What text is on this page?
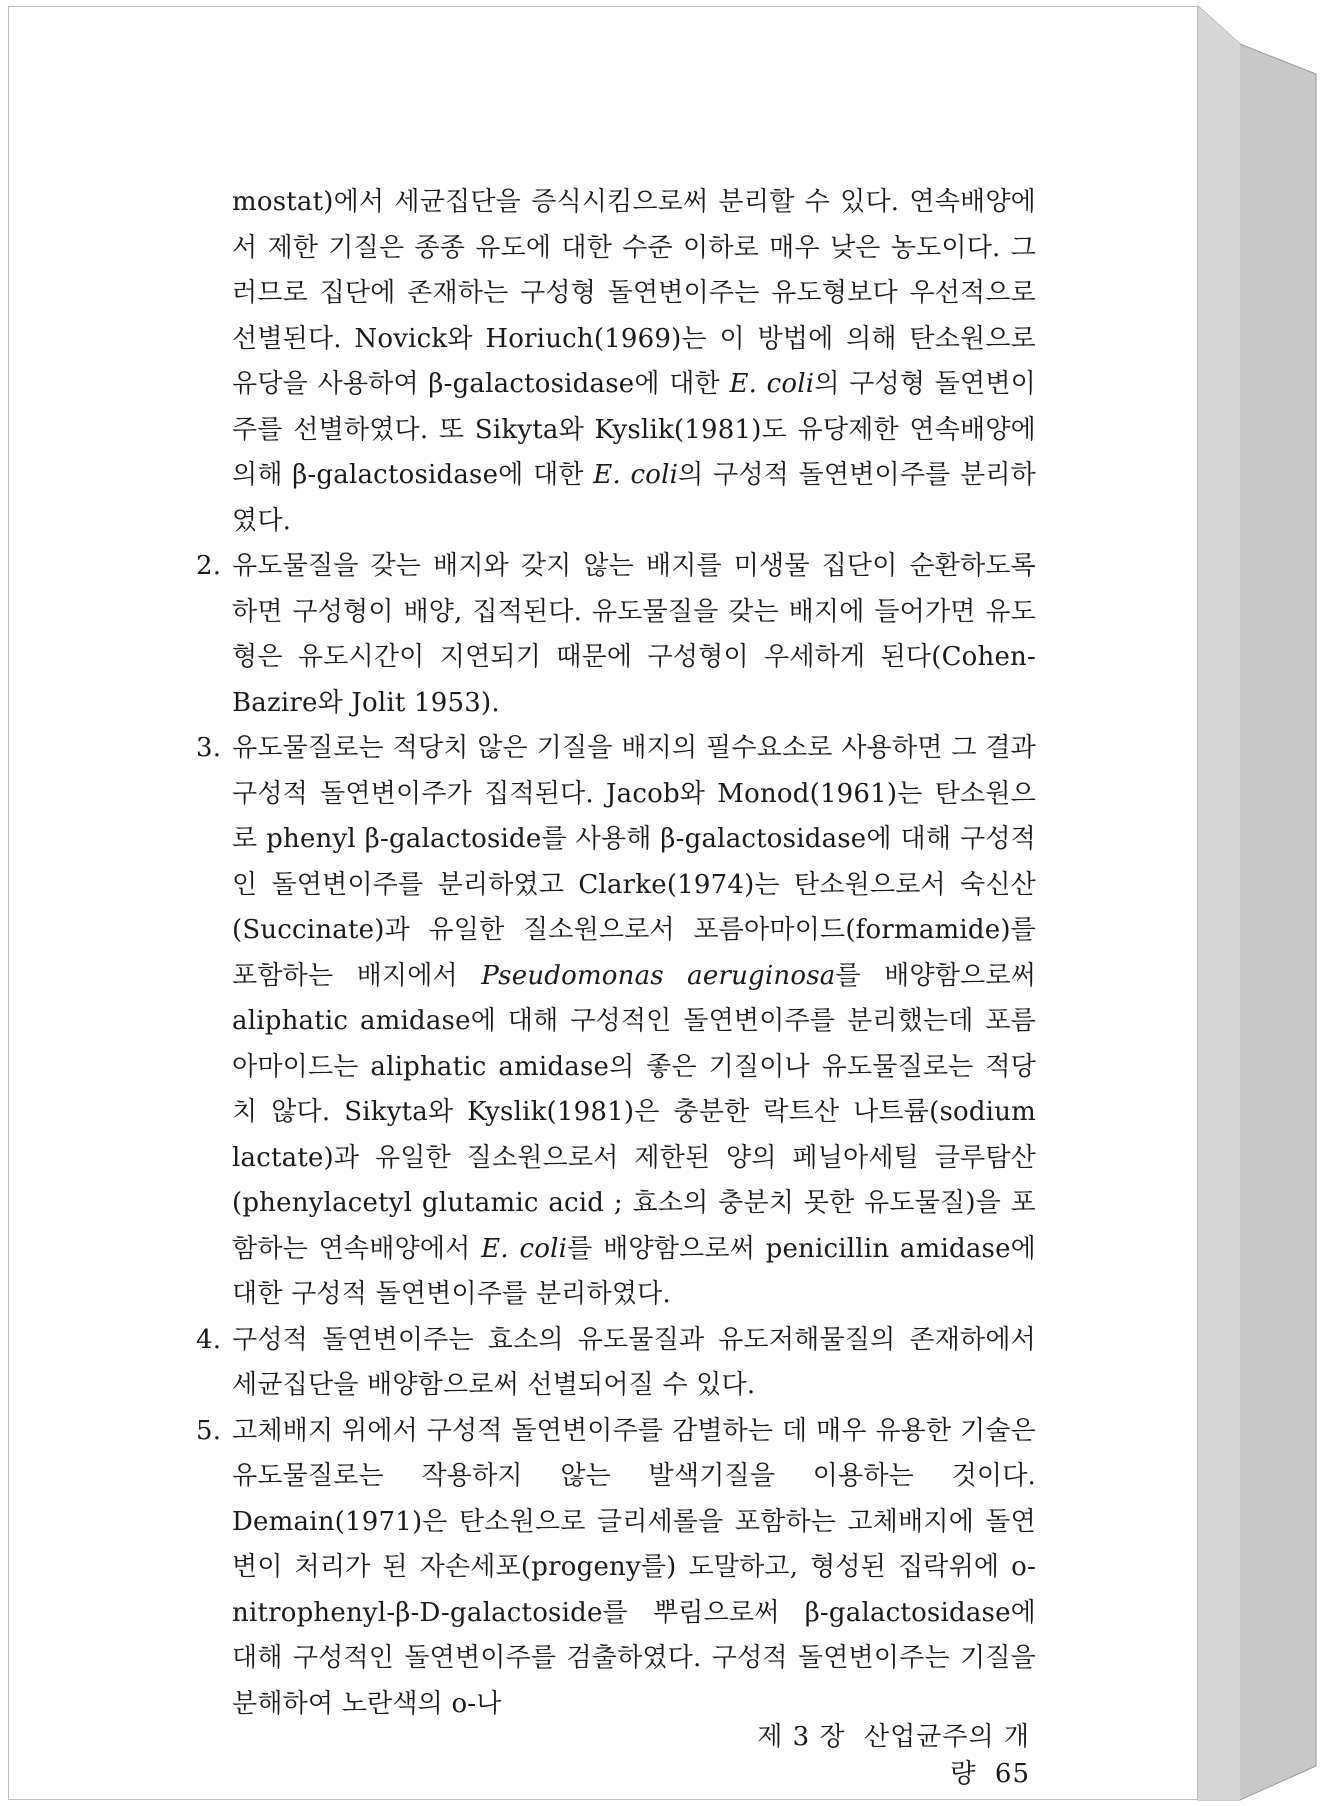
mostat)에서 세균집단을 증식시킴으로써 분리할 수 있다. 연속배양에서 제한 기질은 종종 유도에 대한 수준 이하로 매우 낮은 농도이다. 그러므로 집단에 존재하는 구성형 돌연변이주는 유도형보다 우선적으로 선별된다. Novick와 Horiuch(1969)는 이 방법에 의해 탄소원으로 유당을 사용하여 β-galactosidase에 대한 E. coli의 구성형 돌연변이주를 선별하였다. 또 Sikyta와 Kyslik(1981)도 유당제한 연속배양에 의해 β-galactosidase에 대한 E. coli의 구성적 돌연변이주를 분리하였다.

2. 유도물질을 갖는 배지와 갖지 않는 배지를 미생물 집단이 순환하도록 하면 구성형이 배양, 집적된다. 유도물질을 갖는 배지에 들어가면 유도형은 유도시간이 지연되기 때문에 구성형이 우세하게 된다(Cohen-Bazire와 Jolit 1953).

3. 유도물질로는 적당치 않은 기질을 배지의 필수요소로 사용하면 그 결과 구성적 돌연변이주가 집적된다. Jacob와 Monod(1961)는 탄소원으로 phenyl β-galactoside를 사용해 β-galactosidase에 대해 구성적인 돌연변이주를 분리하였고 Clarke(1974)는 탄소원으로서 숙신산(Succinate)과 유일한 질소원으로서 포름아마이드(formamide)를 포함하는 배지에서 Pseudomonas aeruginosa를 배양함으로써 aliphatic amidase에 대해 구성적인 돌연변이주를 분리했는데 포름아마이드는 aliphatic amidase의 좋은 기질이나 유도물질로는 적당치 않다. Sikyta와 Kyslik(1981)은 충분한 락트산 나트륨(sodium lactate)과 유일한 질소원으로서 제한된 양의 페닐아세틸 글루탐산(phenylacetyl glutamic acid ; 효소의 충분치 못한 유도물질)을 포함하는 연속배양에서 E. coli를 배양함으로써 penicillin amidase에 대한 구성적 돌연변이주를 분리하였다.

4. 구성적 돌연변이주는 효소의 유도물질과 유도저해물질의 존재하에서 세균집단을 배양함으로써 선별되어질 수 있다.

5. 고체배지 위에서 구성적 돌연변이주를 감별하는 데 매우 유용한 기술은 유도물질로는 작용하지 않는 발색기질을 이용하는 것이다. Demain(1971)은 탄소원으로 글리세롤을 포함하는 고체배지에 돌연변이 처리가 된 자손세포(progeny를) 도말하고, 형성된 집락위에 o-nitrophenyl-β-D-galactoside를 뿌림으로써 β-galactosidase에 대해 구성적인 돌연변이주를 검출하였다. 구성적 돌연변이주는 기질을 분해하여 노란색의 o-나

제 3 장 산업균주의 개량 65
